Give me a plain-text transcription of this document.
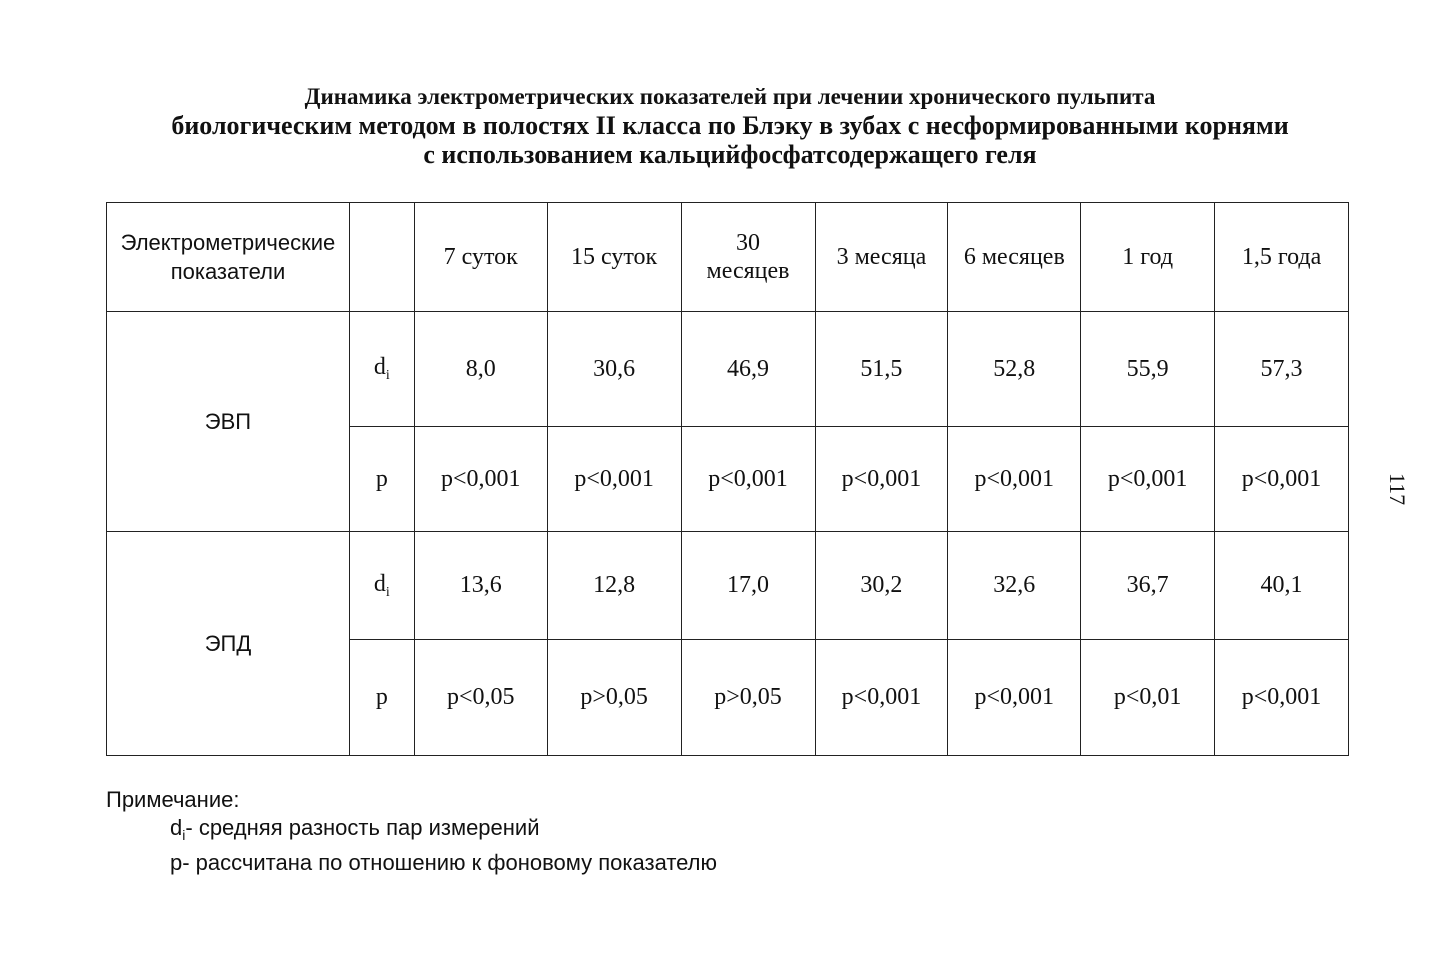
Динамика электрометрических показателей при лечении хронического пульпита
биологическим методом в полостях II класса по Блэку в зубах с несформированными корнями
с использованием кальцийфосфатсодержащего геля
Электрометрические показатели		7 суток	15 суток	30 месяцев	3 месяца	6 месяцев	1 год	1,5 года
ЭВП	$d_i$	8,0	30,6	46,9	51,5	52,8	55,9	57,3
	p	p<0,001	p<0,001	p<0,001	p<0,001	p<0,001	p<0,001	p<0,001
ЭПД	$d_i$	13,6	12,8	17,0	30,2	32,6	36,7	40,1
	p	p<0,05	p>0,05	p>0,05	p<0,001	p<0,001	p<0,01	p<0,001
Примечание:
$d_i-$ средняя разность пар измерений
p- рассчитана по отношению к фоновому показателю
117
